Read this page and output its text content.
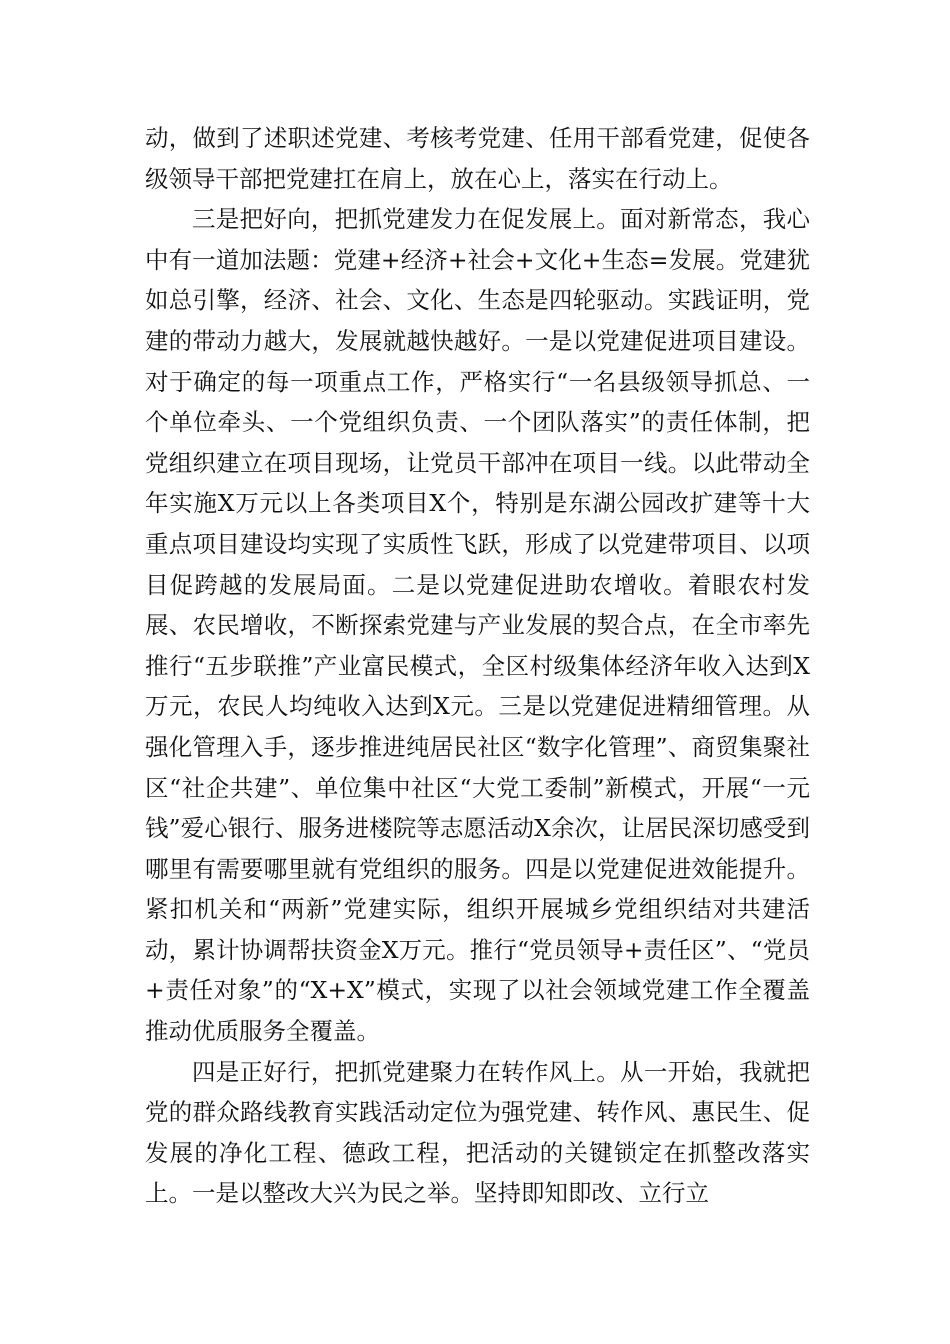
动，做到了述职述党建、考核考党建、任用干部看党建，促使各级领导干部把党建扛在肩上，放在心上，落实在行动上。

三是把好向，把抓党建发力在促发展上。面对新常态，我心中有一道加法题：党建+经济+社会+文化+生态=发展。党建犹如总引擎，经济、社会、文化、生态是四轮驱动。实践证明，党建的带动力越大，发展就越快越好。一是以党建促进项目建设。对于确定的每一项重点工作，严格实行“一名县级领导抓总、一个单位牵头、一个党组织负责、一个团队落实”的责任体制，把党组织建立在项目现场，让党员干部冲在项目一线。以此带动全年实施X万元以上各类项目X个，特别是东湖公园改扩建等十大重点项目建设均实现了实质性飞跃，形成了以党建带项目、以项目促跨越的发展局面。二是以党建促进助农增收。着眼农村发展、农民增收，不断探索党建与产业发展的契合点，在全市率先推行“五步联推”产业富民模式，全区村级集体经济年收入达到X万元，农民人均纯收入达到X元。三是以党建促进精细管理。从强化管理入手，逐步推进纯居民社区“数字化管理”、商贸集聚社区“社企共建”、单位集中社区“大党工委制”新模式，开展“一元钱”爱心银行、服务进楼院等志愿活动X余次，让居民深切感受到哪里有需要哪里就有党组织的服务。四是以党建促进效能提升。紧扣机关和“两新”党建实际，组织开展城乡党组织结对共建活动，累计协调帮扶资金X万元。推行“党员领导+责任区”、“党员+责任对象”的“X+X”模式，实现了以社会领域党建工作全覆盖推动优质服务全覆盖。

四是正好行，把抓党建聚力在转作风上。从一开始，我就把党的群众路线教育实践活动定位为强党建、转作风、惠民生、促发展的净化工程、德政工程，把活动的关键锁定在抓整改落实上。一是以整改大兴为民之举。坚持即知即改、立行立
